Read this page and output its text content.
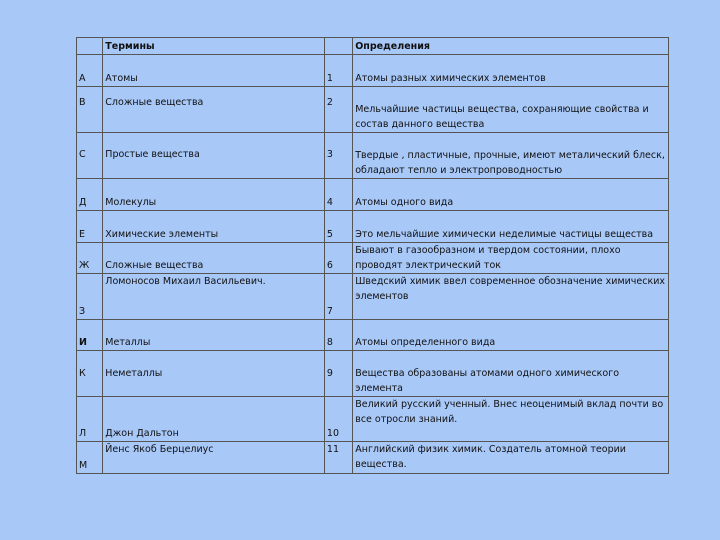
	Термины		Определения
А	Атомы	1	Атомы разных химических элементов
В	Сложные вещества	2	Мельчайшие частицы вещества, сохраняющие свойства и состав данного вещества
С	Простые вещества	3	Твердые , пластичные, прочные, имеют металический блеск, обладают тепло и электропроводностью
Д	Молекулы	4	Атомы одного вида
Е	Химические элементы	5	Это мельчайшие химически неделимые частицы вещества
Ж	Сложные вещества	6	Бывают в газообразном и твердом состоянии, плохо проводят электрический ток
З	Ломоносов Михаил Васильевич.	7	Шведский химик ввел современное обозначение химических элементов
И	Металлы	8	Атомы определенного вида
К	Неметаллы	9	Вещества образованы атомами одного химического элемента
Л	Джон Дальтон	10	Великий русский ученный. Внес неоценимый вклад почти во все отросли знаний.
М	Йенс Якоб Берцелиус	11	Английский физик химик. Создатель атомной теории вещества.
